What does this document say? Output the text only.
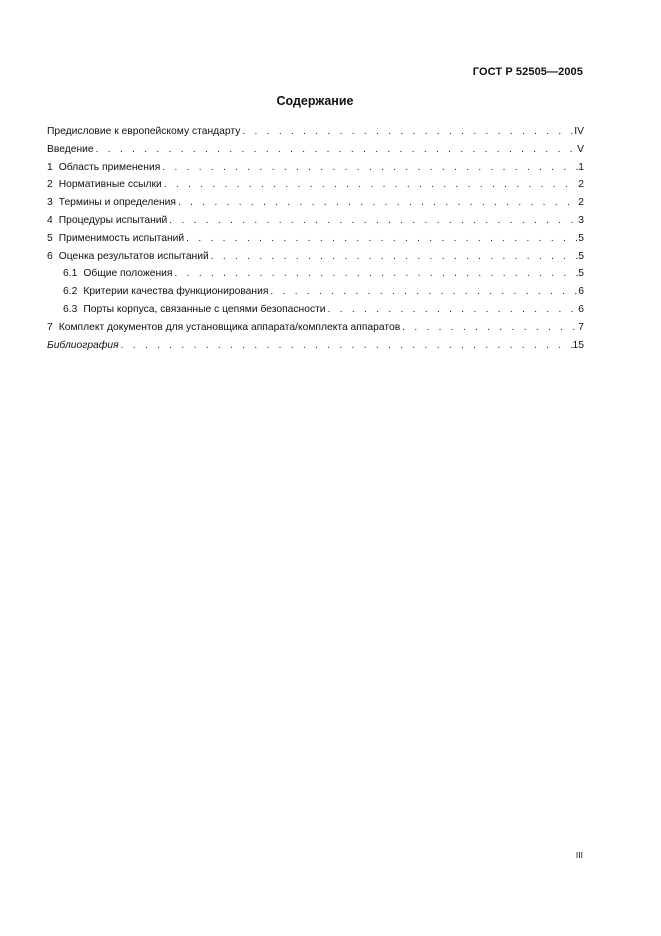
ГОСТ Р 52505—2005
Содержание
Предисловие к европейскому стандарту . . .	IV
Введение . . .	V
1 Область применения . . .	1
2 Нормативные ссылки . . .	2
3 Термины и определения . . .	2
4 Процедуры испытаний . . .	3
5 Применимость испытаний . . .	5
6 Оценка результатов испытаний . . .	5
6.1 Общие положения . . .	5
6.2 Критерии качества функционирования . . .	6
6.3 Порты корпуса, связанные с цепями безопасности . . .	6
7 Комплект документов для установщика аппарата/комплекта аппаратов . . .	7
Библиография . . .	15
III
